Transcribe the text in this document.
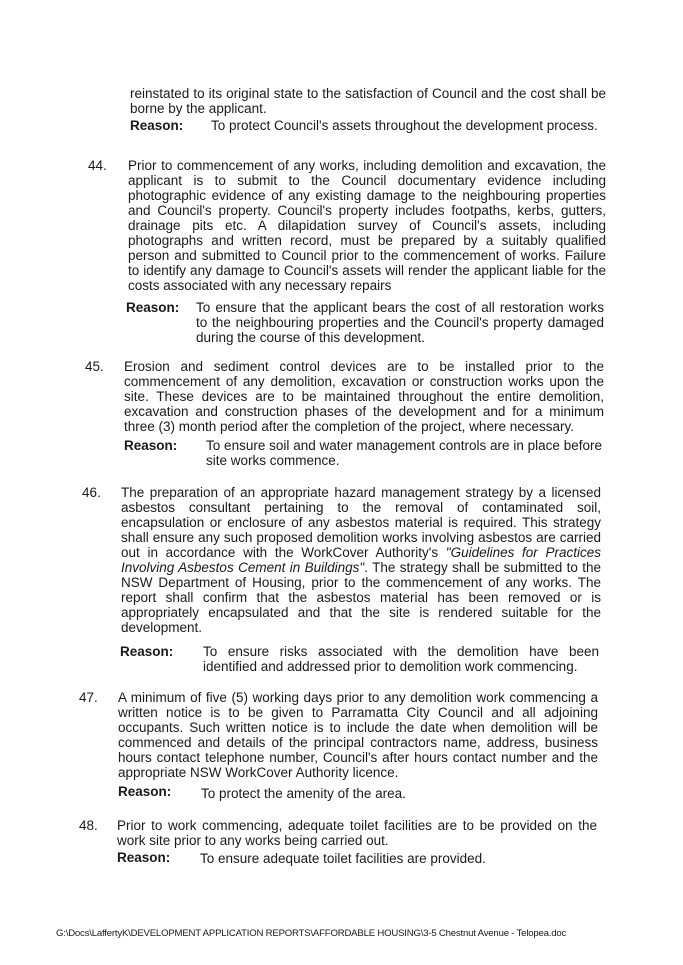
reinstated to its original state to the satisfaction of Council and the cost shall be borne by the applicant.
Reason: To protect Council's assets throughout the development process.
44. Prior to commencement of any works, including demolition and excavation, the applicant is to submit to the Council documentary evidence including photographic evidence of any existing damage to the neighbouring properties and Council's property. Council's property includes footpaths, kerbs, gutters, drainage pits etc. A dilapidation survey of Council's assets, including photographs and written record, must be prepared by a suitably qualified person and submitted to Council prior to the commencement of works. Failure to identify any damage to Council's assets will render the applicant liable for the costs associated with any necessary repairs
Reason: To ensure that the applicant bears the cost of all restoration works to the neighbouring properties and the Council's property damaged during the course of this development.
45. Erosion and sediment control devices are to be installed prior to the commencement of any demolition, excavation or construction works upon the site. These devices are to be maintained throughout the entire demolition, excavation and construction phases of the development and for a minimum three (3) month period after the completion of the project, where necessary.
Reason: To ensure soil and water management controls are in place before site works commence.
46. The preparation of an appropriate hazard management strategy by a licensed asbestos consultant pertaining to the removal of contaminated soil, encapsulation or enclosure of any asbestos material is required. This strategy shall ensure any such proposed demolition works involving asbestos are carried out in accordance with the WorkCover Authority's "Guidelines for Practices Involving Asbestos Cement in Buildings". The strategy shall be submitted to the NSW Department of Housing, prior to the commencement of any works. The report shall confirm that the asbestos material has been removed or is appropriately encapsulated and that the site is rendered suitable for the development.
Reason: To ensure risks associated with the demolition have been identified and addressed prior to demolition work commencing.
47. A minimum of five (5) working days prior to any demolition work commencing a written notice is to be given to Parramatta City Council and all adjoining occupants. Such written notice is to include the date when demolition will be commenced and details of the principal contractors name, address, business hours contact telephone number, Council's after hours contact number and the appropriate NSW WorkCover Authority licence.
Reason: To protect the amenity of the area.
48. Prior to work commencing, adequate toilet facilities are to be provided on the work site prior to any works being carried out.
Reason: To ensure adequate toilet facilities are provided.
G:\Docs\LaffertyK\DEVELOPMENT APPLICATION REPORTS\AFFORDABLE HOUSING\3-5 Chestnut Avenue - Telopea.doc
